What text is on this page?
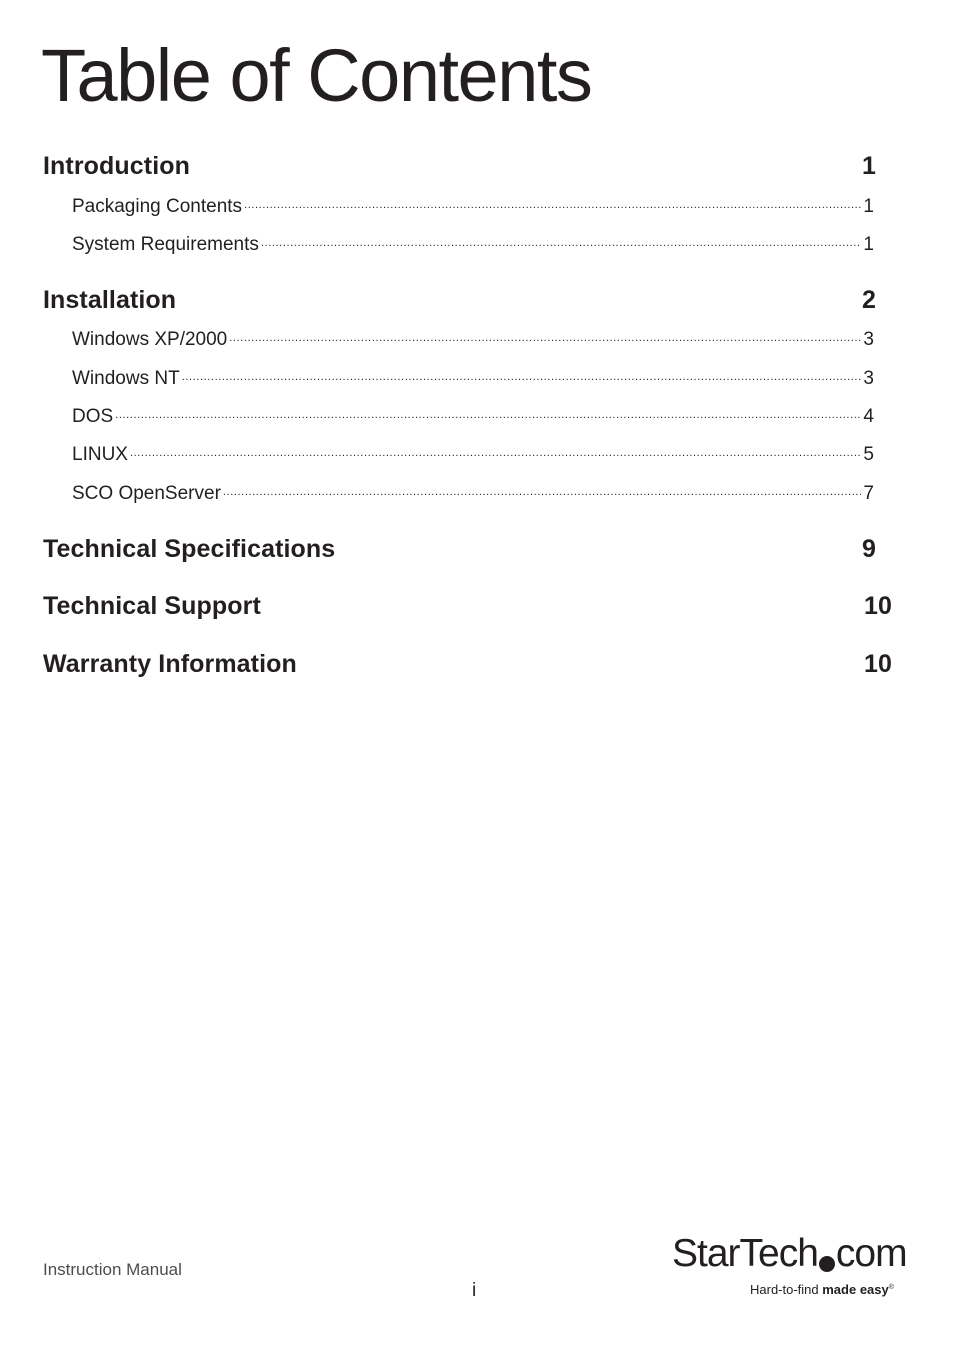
Table of Contents
Introduction	1
Packaging Contents .....	1
System Requirements .....	1
Installation	2
Windows XP/2000 .....	3
Windows NT .....	3
DOS .....	4
LINUX .....	5
SCO OpenServer .....	7
Technical Specifications	9
Technical Support	10
Warranty Information	10
Instruction Manual
i
StarTech com
Hard-to-find made easy®
